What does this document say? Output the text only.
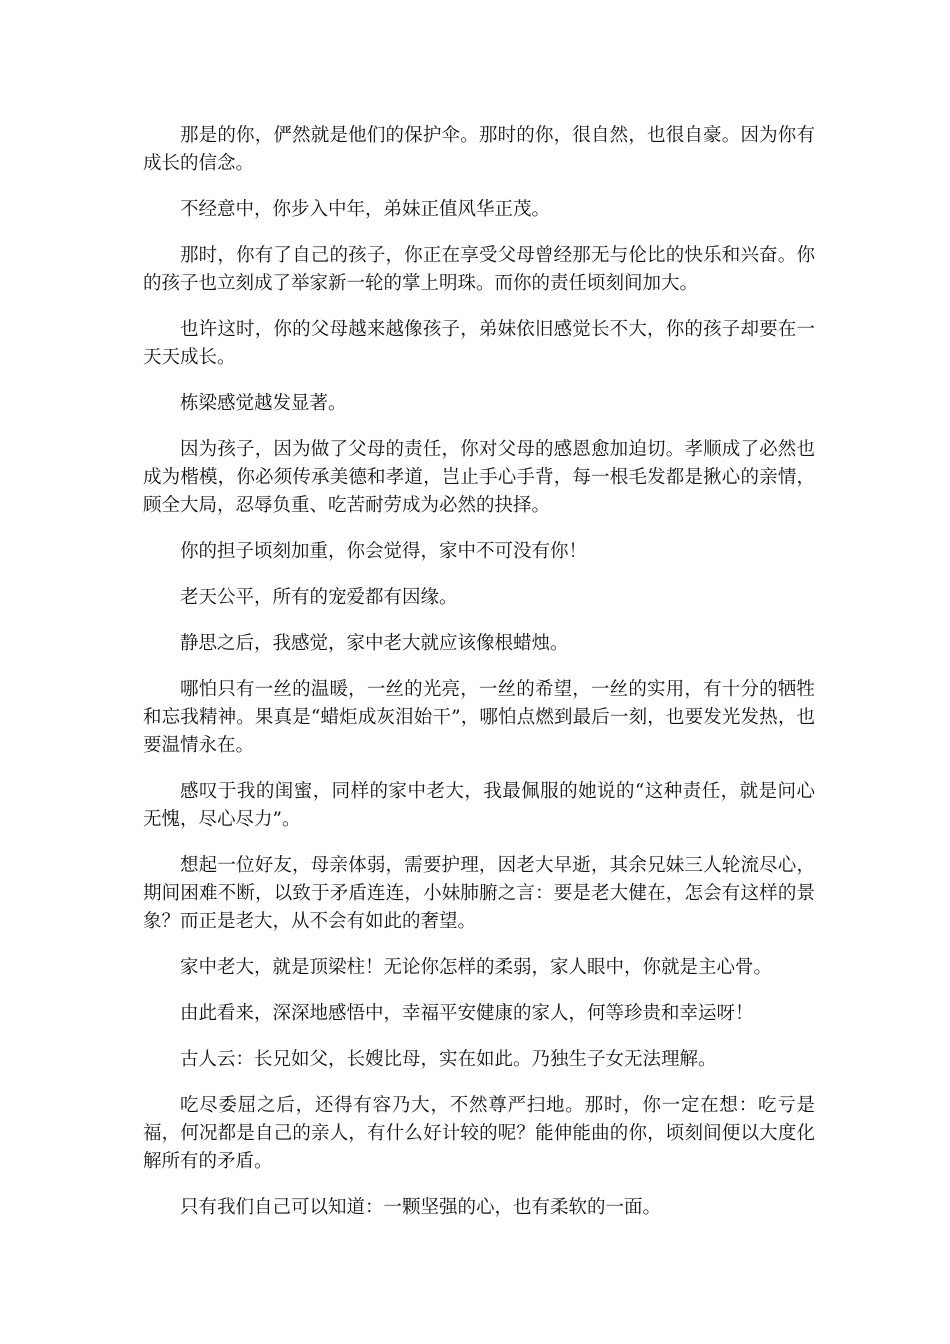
那是的你，俨然就是他们的保护伞。那时的你，很自然，也很自豪。因为你有成长的信念。

不经意中，你步入中年，弟妹正值风华正茂。

那时，你有了自己的孩子，你正在享受父母曾经那无与伦比的快乐和兴奋。你的孩子也立刻成了举家新一轮的掌上明珠。而你的责任顷刻间加大。

也许这时，你的父母越来越像孩子，弟妹依旧感觉长不大，你的孩子却要在一天天成长。

栋梁感觉越发显著。

因为孩子，因为做了父母的责任，你对父母的感恩愈加迫切。孝顺成了必然也成为楷模，你必须传承美德和孝道，岂止手心手背，每一根毛发都是揪心的亲情，顾全大局，忍辱负重、吃苦耐劳成为必然的抉择。

你的担子顷刻加重，你会觉得，家中不可没有你！

老天公平，所有的宠爱都有因缘。

静思之后，我感觉，家中老大就应该像根蜡烛。

哪怕只有一丝的温暖，一丝的光亮，一丝的希望，一丝的实用，有十分的牺牲和忘我精神。果真是“蜡炬成灰泪始干”，哪怕点燃到最后一刻，也要发光发热，也要温情永在。

感叹于我的闺蜜，同样的家中老大，我最佩服的她说的“这种责任，就是问心无愧，尽心尽力”。

想起一位好友，母亲体弱，需要护理，因老大早逝，其余兄妹三人轮流尽心，期间困难不断，以致于矛盾连连，小妹肺腑之言：要是老大健在，怎会有这样的景象？而正是老大，从不会有如此的奢望。

家中老大，就是顶梁柱！无论你怎样的柔弱，家人眼中，你就是主心骨。

由此看来，深深地感悟中，幸福平安健康的家人，何等珍贵和幸运呀！

古人云：长兄如父，长嫂比母，实在如此。乃独生子女无法理解。

吃尽委屈之后，还得有容乃大，不然尊严扫地。那时，你一定在想：吃亏是福，何况都是自己的亲人，有什么好计较的呢？能伸能曲的你，顷刻间便以大度化解所有的矛盾。

只有我们自己可以知道：一颗坚强的心，也有柔软的一面。
